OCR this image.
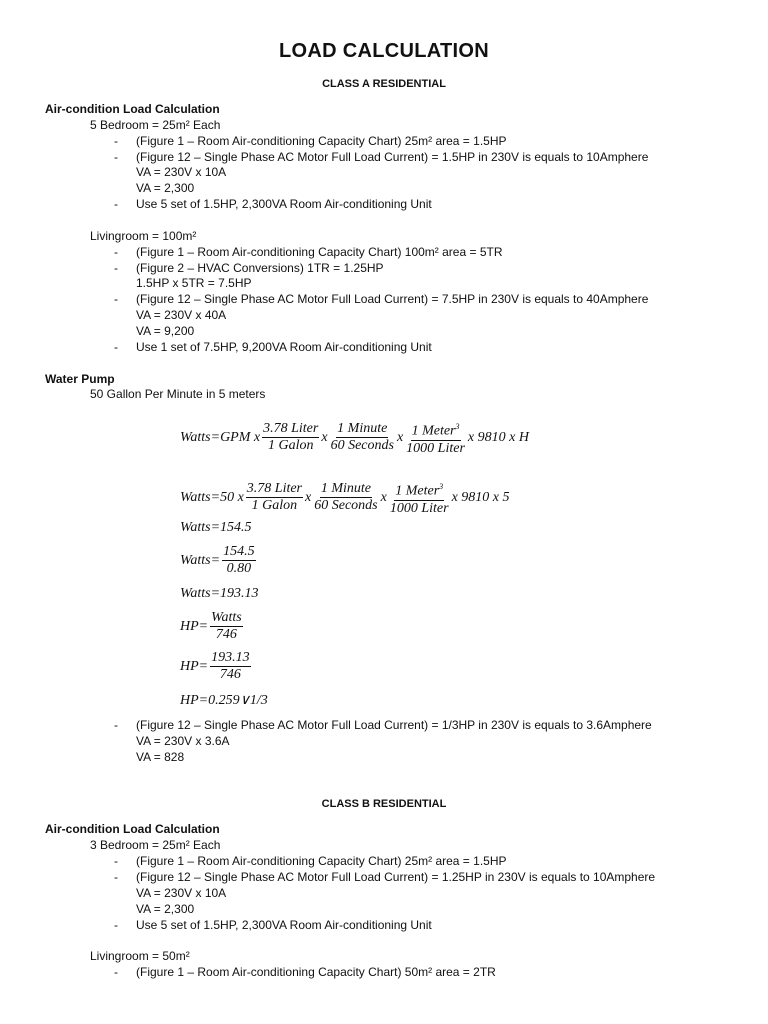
LOAD CALCULATION
CLASS A RESIDENTIAL
Air-condition Load Calculation
5 Bedroom = 25m² Each
- (Figure 1 – Room Air-conditioning Capacity Chart) 25m² area = 1.5HP
- (Figure 12 – Single Phase AC Motor Full Load Current) = 1.5HP in 230V is equals to 10Amphere
VA = 230V x 10A
VA = 2,300
- Use 5 set of 1.5HP, 2,300VA Room Air-conditioning Unit
Livingroom = 100m²
- (Figure 1 – Room Air-conditioning Capacity Chart) 100m² area = 5TR
- (Figure 2 – HVAC Conversions) 1TR = 1.25HP
1.5HP x 5TR = 7.5HP
- (Figure 12 – Single Phase AC Motor Full Load Current) = 7.5HP in 230V is equals to 40Amphere
VA = 230V x 40A
VA = 9,200
- Use 1 set of 7.5HP, 9,200VA Room Air-conditioning Unit
Water Pump
50 Gallon Per Minute in 5 meters
Watts = GPM x $\frac{\text{3.78 Liter}}{\text{1 Galon}}$ x $\frac{\text{1 Minute}}{\text{60 Seconds}}$ x $\frac{1 Meter^3}{\text{1000 Liter}}$ x 9810 x H
Watts = 50 x $\frac{\text{3.78 Liter}}{\text{1 Galon}}$ x $\frac{\text{1 Minute}}{\text{60 Seconds}}$ x $\frac{1 Meter^3}{\text{1000 Liter}}$ x 9810 x 5
Watts=154.5
Watts= $\frac{154.5}{0.80}$
Watts=193.13
$HP= \frac{\text{Watts}}{746}$
$HP= \frac{193.13}{746}$
HP=0.259∨1/3
- (Figure 12 – Single Phase AC Motor Full Load Current) = 1/3HP in 230V is equals to 3.6Amphere
VA = 230V x 3.6A
VA = 828
CLASS B RESIDENTIAL
Air-condition Load Calculation
3 Bedroom = 25m² Each
- (Figure 1 – Room Air-conditioning Capacity Chart) 25m² area = 1.5HP
- (Figure 12 – Single Phase AC Motor Full Load Current) = 1.25HP in 230V is equals to 10Amphere
VA = 230V x 10A
VA = 2,300
- Use 5 set of 1.5HP, 2,300VA Room Air-conditioning Unit
Livingroom = 50m²
- (Figure 1 – Room Air-conditioning Capacity Chart) 50m² area = 2TR
